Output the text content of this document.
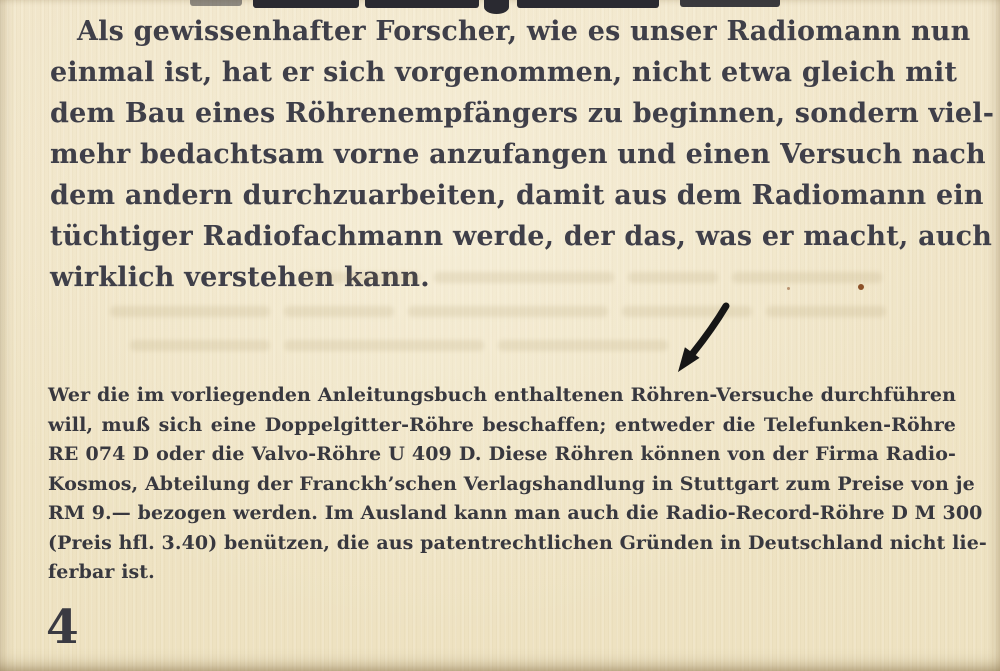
Als gewissenhafter Forscher, wie es unser Radiomann nun
einmal ist, hat er sich vorgenommen, nicht etwa gleich mit
dem Bau eines Röhrenempfängers zu beginnen, sondern viel-
mehr bedachtsam vorne anzufangen und einen Versuch nach
dem andern durchzuarbeiten, damit aus dem Radiomann ein
tüchtiger Radiofachmann werde, der das, was er macht, auch
wirklich verstehen kann.
Wer die im vorliegenden Anleitungsbuch enthaltenen Röhren-Versuche durchführen
will, muß sich eine Doppelgitter-Röhre beschaffen; entweder die Telefunken-Röhre
RE 074 D oder die Valvo-Röhre U 409 D. Diese Röhren können von der Firma Radio-
Kosmos, Abteilung der Franckh’schen Verlagshandlung in Stuttgart zum Preise von je
RM 9.— bezogen werden. Im Ausland kann man auch die Radio-Record-Röhre D M 300
(Preis hfl. 3.40) benützen, die aus patentrechtlichen Gründen in Deutschland nicht lie-
ferbar ist.
4
